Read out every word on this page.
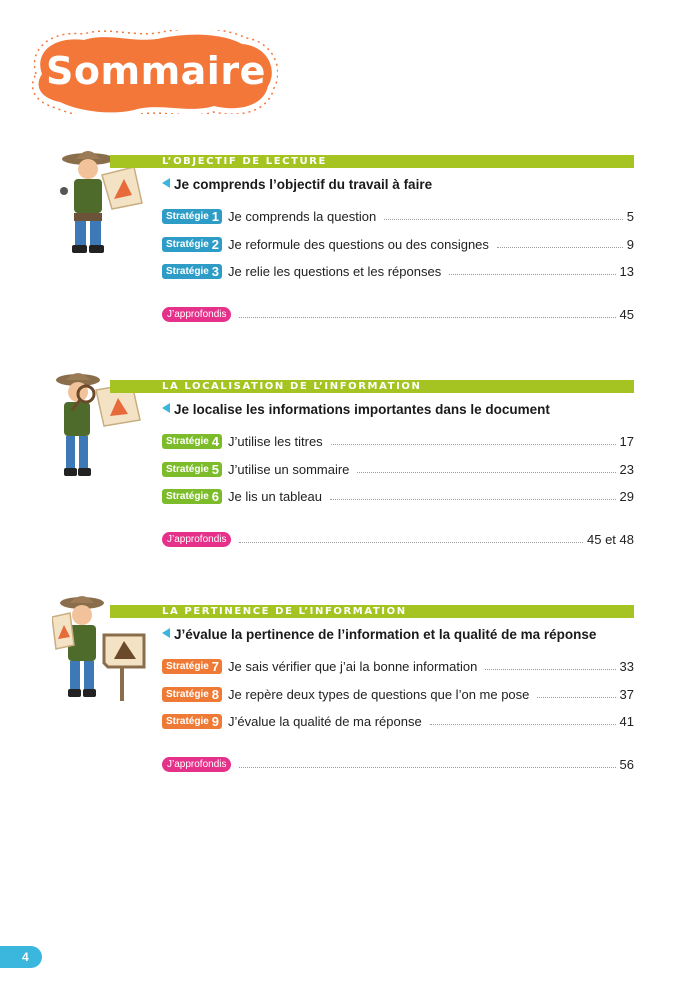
Sommaire
L’OBJECTIF DE LECTURE
Je comprends l’objectif du travail à faire
Stratégie 1 Je comprends la question	5
Stratégie 2 Je reformule des questions ou des consignes	9
Stratégie 3 Je relie les questions et les réponses	13
J’approfondis	45
LA LOCALISATION DE L’INFORMATION
Je localise les informations importantes dans le document
Stratégie 4 J’utilise les titres	17
Stratégie 5 J’utilise un sommaire	23
Stratégie 6 Je lis un tableau	29
J’approfondis	45 et 48
LA PERTINENCE DE L’INFORMATION
J’évalue la pertinence de l’information et la qualité de ma réponse
Stratégie 7 Je sais vérifier que j’ai la bonne information	33
Stratégie 8 Je repère deux types de questions que l’on me pose	37
Stratégie 9 J’évalue la qualité de ma réponse	41
J’approfondis	56
4
